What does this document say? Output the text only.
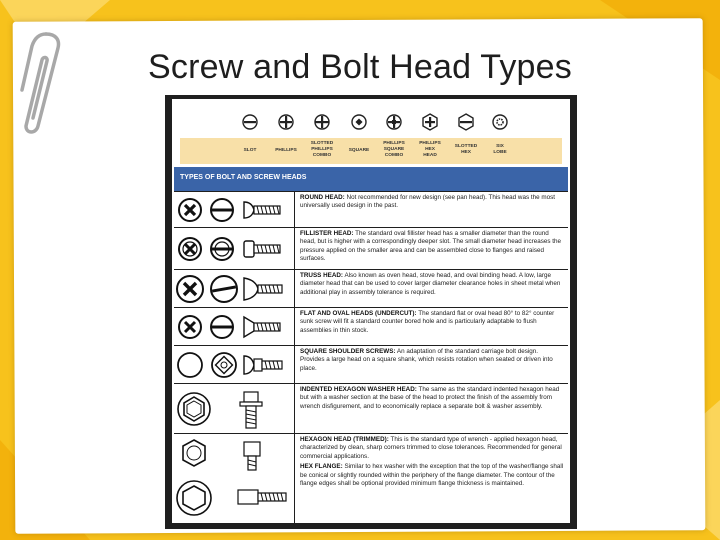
Screw and Bolt Head Types
SLOT	PHILLIPS
SLOTTED
PHILLIPS
COMBO
SQUARE
PHILLIPS
SQUARE
COMBO
PHILLIPS
HEX
HEAD
SLOTTED
HEX
SIX
LOBE
TYPES OF BOLT AND SCREW HEADS
ROUND HEAD: Not recommended for new design (see pan head). This head was the most universally used design in the past.
FILLISTER HEAD: The standard oval fillister head has a smaller diameter than the round head, but is higher with a correspondingly deeper slot. The small diameter head increases the pressure applied on the smaller area and can be assembled close to flanges and raised surfaces.
TRUSS HEAD: Also known as oven head, stove head, and oval binding head. A low, large diameter head that can be used to cover larger diameter clearance holes in sheet metal when additional play in assembly tolerance is required.
FLAT AND OVAL HEADS (UNDERCUT): The standard flat or oval head 80° to 82° counter sunk screw will fit a standard counter bored hole and is particularly adaptable to flush assemblies in thin stock.
SQUARE SHOULDER SCREWS: An adaptation of the standard carriage bolt design. Provides a large head on a square shank, which resists rotation when seated or driven into place.
INDENTED HEXAGON WASHER HEAD: The same as the standard indented hexagon head but with a washer section at the base of the head to protect the finish of the assembly from wrench disfigurement, and to economically replace a separate bolt & washer assembly.
HEXAGON HEAD (TRIMMED): This is the standard type of wrench - applied hexagon head, characterized by clean, sharp corners trimmed to close tolerances. Recommended for general commercial applications.
HEX FLANGE: Similar to hex washer with the exception that the top of the washer/flange shall be conical or slightly rounded within the periphery of the flange diameter. The contour of the flange edges shall be optional provided minimum flange thickness is maintained.
